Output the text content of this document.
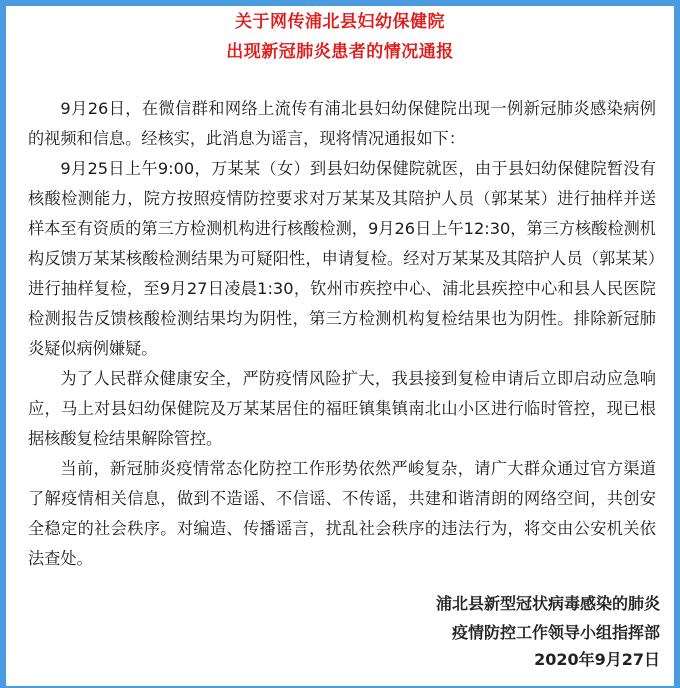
关于网传浦北县妇幼保健院
出现新冠肺炎患者的情况通报

9月26日，在微信群和网络上流传有浦北县妇幼保健院出现一例新冠肺炎感染病例的视频和信息。经核实，此消息为谣言，现将情况通报如下：

9月25日上午9:00，万某某（女）到县妇幼保健院就医，由于县妇幼保健院暂没有核酸检测能力，院方按照疫情防控要求对万某某及其陪护人员（郭某某）进行抽样并送样本至有资质的第三方检测机构进行核酸检测，9月26日上午12:30，第三方核酸检测机构反馈万某某核酸检测结果为可疑阳性，申请复检。经对万某某及其陪护人员（郭某某）进行抽样复检，至9月27日凌晨1:30，钦州市疾控中心、浦北县疾控中心和县人民医院检测报告反馈核酸检测结果均为阴性，第三方检测机构复检结果也为阴性。排除新冠肺炎疑似病例嫌疑。

为了人民群众健康安全，严防疫情风险扩大，我县接到复检申请后立即启动应急响应，马上对县妇幼保健院及万某某居住的福旺镇集镇南北山小区进行临时管控，现已根据核酸复检结果解除管控。

当前，新冠肺炎疫情常态化防控工作形势依然严峻复杂，请广大群众通过官方渠道了解疫情相关信息，做到不造谣、不信谣、不传谣，共建和谐清朗的网络空间，共创安全稳定的社会秩序。对编造、传播谣言，扰乱社会秩序的违法行为，将交由公安机关依法查处。

浦北县新型冠状病毒感染的肺炎
疫情防控工作领导小组指挥部
2020年9月27日
